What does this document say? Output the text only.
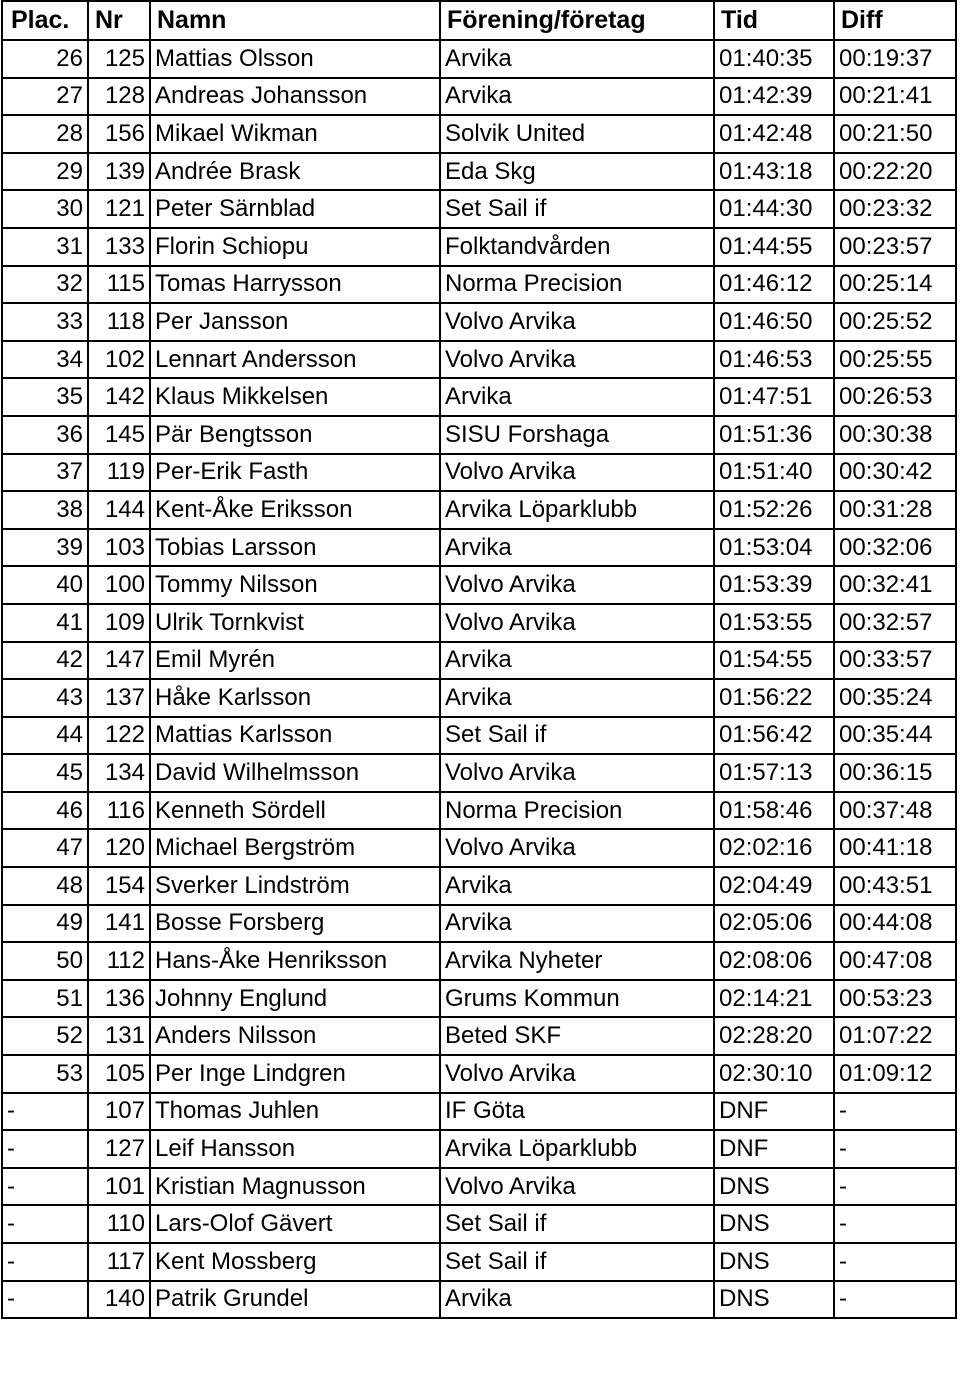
Plac.	Nr	Namn	Förening/företag	Tid	Diff
26	125	Mattias Olsson	Arvika	01:40:35	00:19:37
27	128	Andreas Johansson	Arvika	01:42:39	00:21:41
28	156	Mikael Wikman	Solvik United	01:42:48	00:21:50
29	139	Andrée Brask	Eda Skg	01:43:18	00:22:20
30	121	Peter Särnblad	Set Sail if	01:44:30	00:23:32
31	133	Florin Schiopu	Folktandvården	01:44:55	00:23:57
32	115	Tomas Harrysson	Norma Precision	01:46:12	00:25:14
33	118	Per Jansson	Volvo Arvika	01:46:50	00:25:52
34	102	Lennart Andersson	Volvo Arvika	01:46:53	00:25:55
35	142	Klaus Mikkelsen	Arvika	01:47:51	00:26:53
36	145	Pär Bengtsson	SISU Forshaga	01:51:36	00:30:38
37	119	Per-Erik Fasth	Volvo Arvika	01:51:40	00:30:42
38	144	Kent-Åke Eriksson	Arvika Löparklubb	01:52:26	00:31:28
39	103	Tobias Larsson	Arvika	01:53:04	00:32:06
40	100	Tommy Nilsson	Volvo Arvika	01:53:39	00:32:41
41	109	Ulrik Tornkvist	Volvo Arvika	01:53:55	00:32:57
42	147	Emil Myrén	Arvika	01:54:55	00:33:57
43	137	Håke Karlsson	Arvika	01:56:22	00:35:24
44	122	Mattias Karlsson	Set Sail if	01:56:42	00:35:44
45	134	David Wilhelmsson	Volvo Arvika	01:57:13	00:36:15
46	116	Kenneth Sördell	Norma Precision	01:58:46	00:37:48
47	120	Michael Bergström	Volvo Arvika	02:02:16	00:41:18
48	154	Sverker Lindström	Arvika	02:04:49	00:43:51
49	141	Bosse Forsberg	Arvika	02:05:06	00:44:08
50	112	Hans-Åke Henriksson	Arvika Nyheter	02:08:06	00:47:08
51	136	Johnny Englund	Grums Kommun	02:14:21	00:53:23
52	131	Anders Nilsson	Beted SKF	02:28:20	01:07:22
53	105	Per Inge Lindgren	Volvo Arvika	02:30:10	01:09:12
-	107	Thomas Juhlen	IF Göta	DNF	-
-	127	Leif Hansson	Arvika Löparklubb	DNF	-
-	101	Kristian Magnusson	Volvo Arvika	DNS	-
-	110	Lars-Olof Gävert	Set Sail if	DNS	-
-	117	Kent Mossberg	Set Sail if	DNS	-
-	140	Patrik Grundel	Arvika	DNS	-
